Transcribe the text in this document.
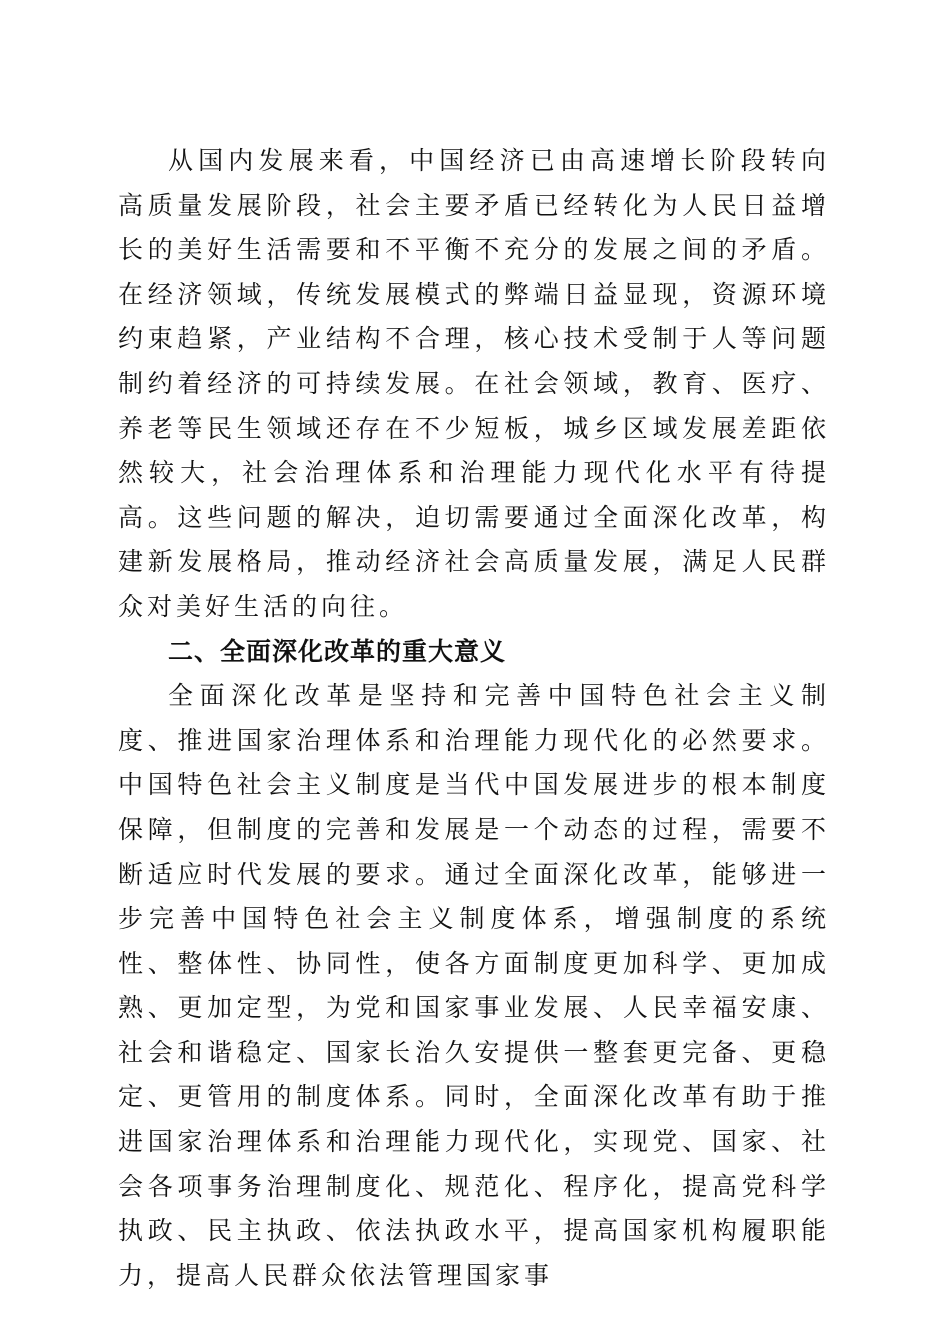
从国内发展来看，中国经济已由高速增长阶段转向高质量发展阶段，社会主要矛盾已经转化为人民日益增长的美好生活需要和不平衡不充分的发展之间的矛盾。在经济领域，传统发展模式的弊端日益显现，资源环境约束趋紧，产业结构不合理，核心技术受制于人等问题制约着经济的可持续发展。在社会领域，教育、医疗、养老等民生领域还存在不少短板，城乡区域发展差距依然较大，社会治理体系和治理能力现代化水平有待提高。这些问题的解决，迫切需要通过全面深化改革，构建新发展格局，推动经济社会高质量发展，满足人民群众对美好生活的向往。

二、全面深化改革的重大意义

全面深化改革是坚持和完善中国特色社会主义制度、推进国家治理体系和治理能力现代化的必然要求。中国特色社会主义制度是当代中国发展进步的根本制度保障，但制度的完善和发展是一个动态的过程，需要不断适应时代发展的要求。通过全面深化改革，能够进一步完善中国特色社会主义制度体系，增强制度的系统性、整体性、协同性，使各方面制度更加科学、更加成熟、更加定型，为党和国家事业发展、人民幸福安康、社会和谐稳定、国家长治久安提供一整套更完备、更稳定、更管用的制度体系。同时，全面深化改革有助于推进国家治理体系和治理能力现代化，实现党、国家、社会各项事务治理制度化、规范化、程序化，提高党科学执政、民主执政、依法执政水平，提高国家机构履职能力，提高人民群众依法管理国家事
